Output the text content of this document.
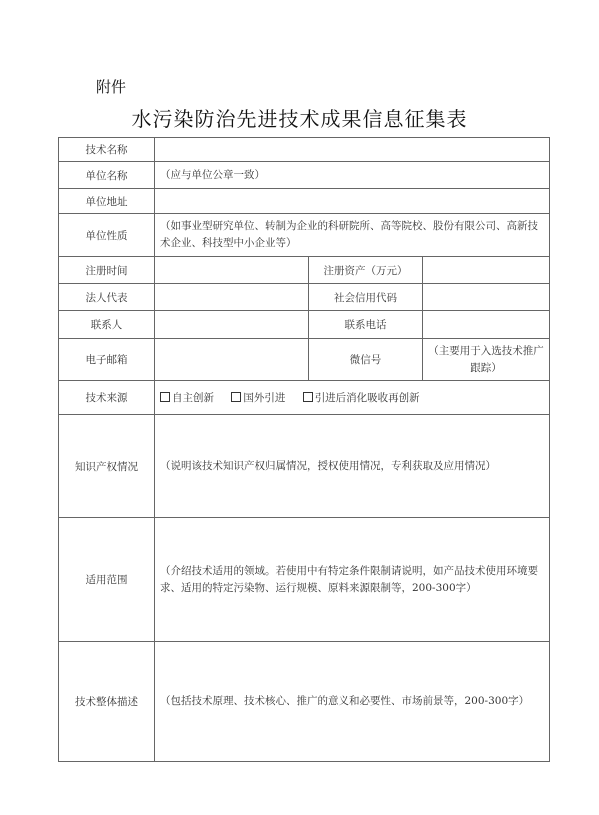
附件
水污染防治先进技术成果信息征集表
技术名称			
单位名称	（应与单位公章一致）		
单位地址			
单位性质	（如事业型研究单位、转制为企业的科研院所、高等院校、股份有限公司、高新技术企业、科技型中小企业等）		
注册时间		注册资产（万元）	
法人代表		社会信用代码	
联系人		联系电话	
电子邮箱		微信号	（主要用于入选技术推广跟踪）
技术来源	自主创新 国外引进 引进后消化吸收再创新		
知识产权情况	（说明该技术知识产权归属情况，授权使用情况，专利获取及应用情况）		
适用范围	（介绍技术适用的领域。若使用中有特定条件限制请说明，如产品技术使用环境要求、适用的特定污染物、运行规模、原料来源限制等，200-300字）		
技术整体描述	（包括技术原理、技术核心、推广的意义和必要性、市场前景等，200-300字）		
